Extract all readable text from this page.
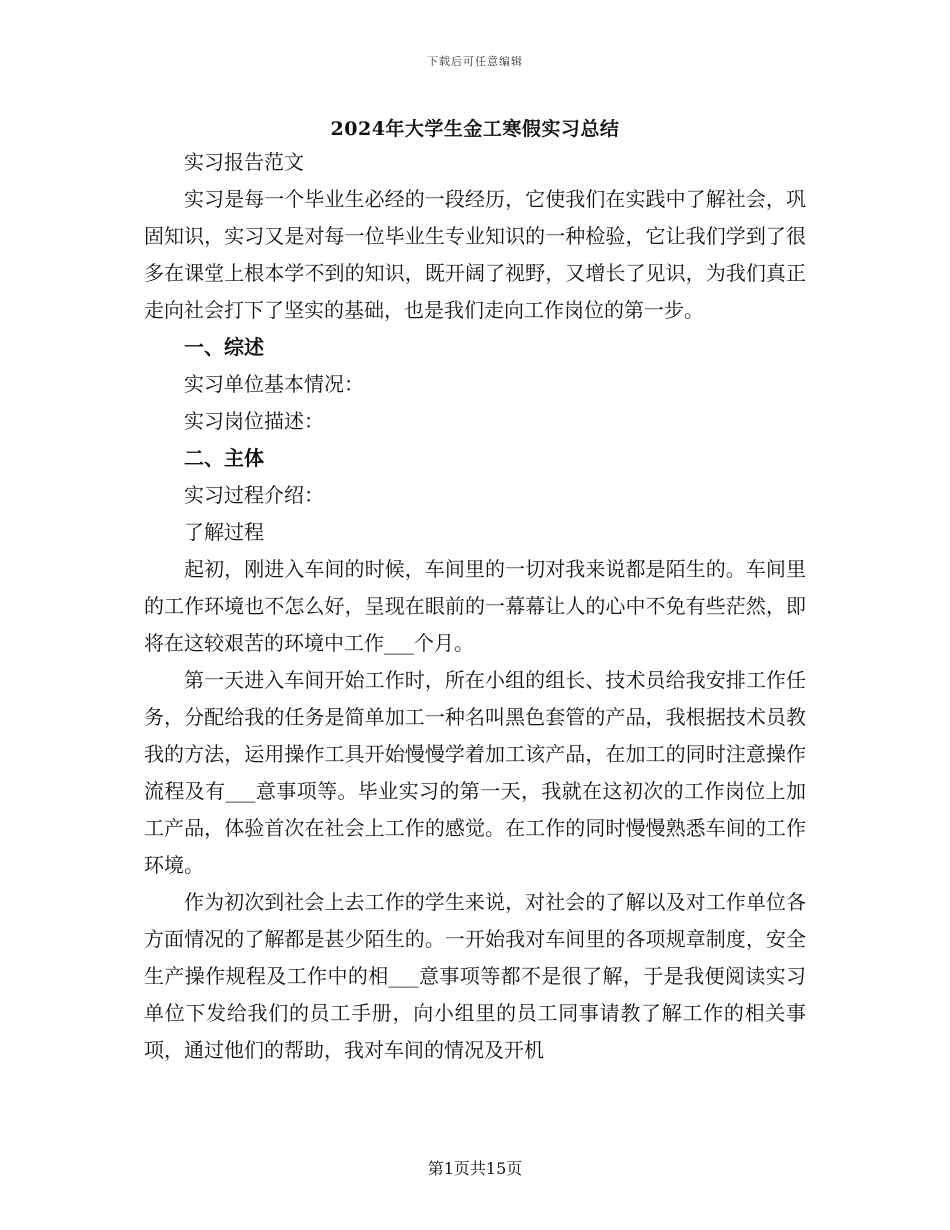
下载后可任意编辑
2024年大学生金工寒假实习总结

实习报告范文

实习是每一个毕业生必经的一段经历，它使我们在实践中了解社会，巩固知识，实习又是对每一位毕业生专业知识的一种检验，它让我们学到了很多在课堂上根本学不到的知识，既开阔了视野，又增长了见识，为我们真正走向社会打下了坚实的基础，也是我们走向工作岗位的第一步。

一、综述

实习单位基本情况：

实习岗位描述：

二、主体

实习过程介绍：

了解过程

起初，刚进入车间的时候，车间里的一切对我来说都是陌生的。车间里的工作环境也不怎么好，呈现在眼前的一幕幕让人的心中不免有些茫然，即将在这较艰苦的环境中工作___个月。

第一天进入车间开始工作时，所在小组的组长、技术员给我安排工作任务，分配给我的任务是简单加工一种名叫黑色套管的产品，我根据技术员教我的方法，运用操作工具开始慢慢学着加工该产品，在加工的同时注意操作流程及有___意事项等。毕业实习的第一天，我就在这初次的工作岗位上加工产品，体验首次在社会上工作的感觉。在工作的同时慢慢熟悉车间的工作环境。

作为初次到社会上去工作的学生来说，对社会的了解以及对工作单位各方面情况的了解都是甚少陌生的。一开始我对车间里的各项规章制度，安全生产操作规程及工作中的相___意事项等都不是很了解，于是我便阅读实习单位下发给我们的员工手册，向小组里的员工同事请教了解工作的相关事项，通过他们的帮助，我对车间的情况及开机

第1页共15页
